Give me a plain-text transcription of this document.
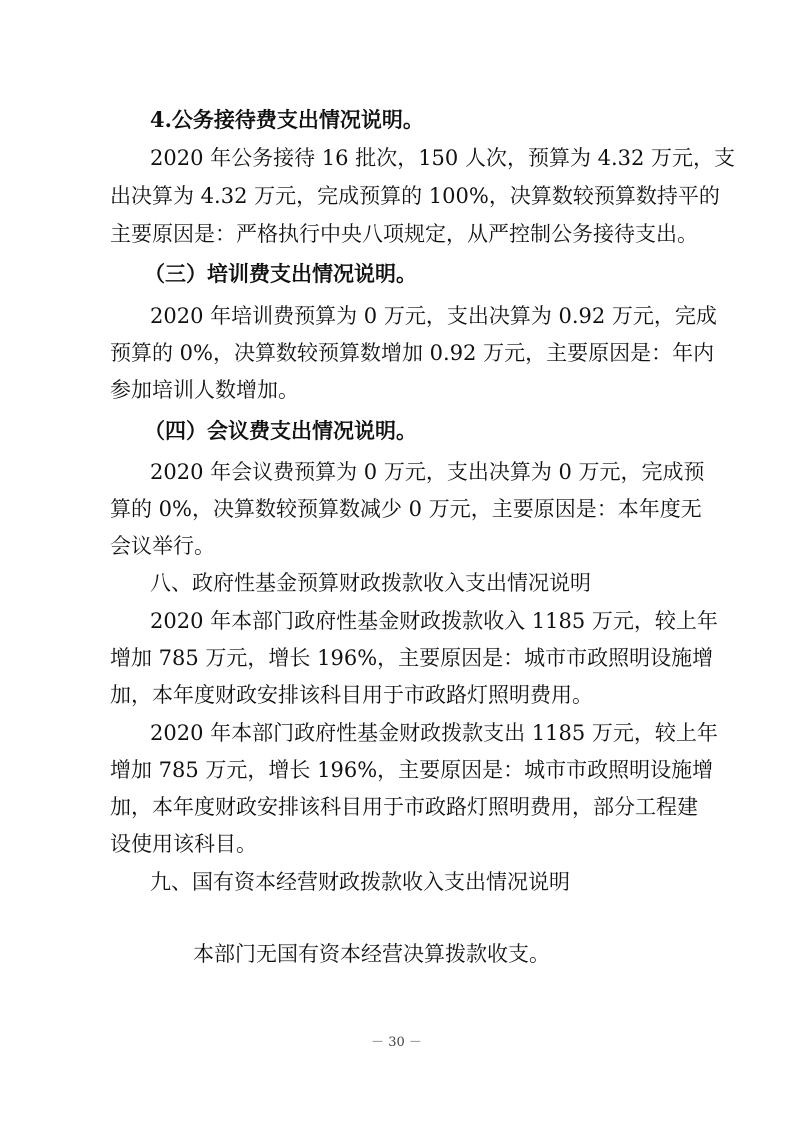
4.公务接待费支出情况说明。
2020 年公务接待 16 批次，150 人次，预算为 4.32 万元，支
出决算为 4.32 万元，完成预算的 100%，决算数较预算数持平的
主要原因是：严格执行中央八项规定，从严控制公务接待支出。
（三）培训费支出情况说明。
2020 年培训费预算为 0 万元，支出决算为 0.92 万元，完成
预算的 0%，决算数较预算数增加 0.92 万元，主要原因是：年内
参加培训人数增加。
（四）会议费支出情况说明。
2020 年会议费预算为 0 万元，支出决算为 0 万元，完成预
算的 0%，决算数较预算数减少 0 万元，主要原因是：本年度无
会议举行。
八、政府性基金预算财政拨款收入支出情况说明
2020 年本部门政府性基金财政拨款收入 1185 万元，较上年
增加 785 万元，增长 196%，主要原因是：城市市政照明设施增
加，本年度财政安排该科目用于市政路灯照明费用。
2020 年本部门政府性基金财政拨款支出 1185 万元，较上年
增加 785 万元，增长 196%，主要原因是：城市市政照明设施增
加，本年度财政安排该科目用于市政路灯照明费用，部分工程建
设使用该科目。
九、国有资本经营财政拨款收入支出情况说明
本部门无国有资本经营决算拨款收支。
－ 30 －
